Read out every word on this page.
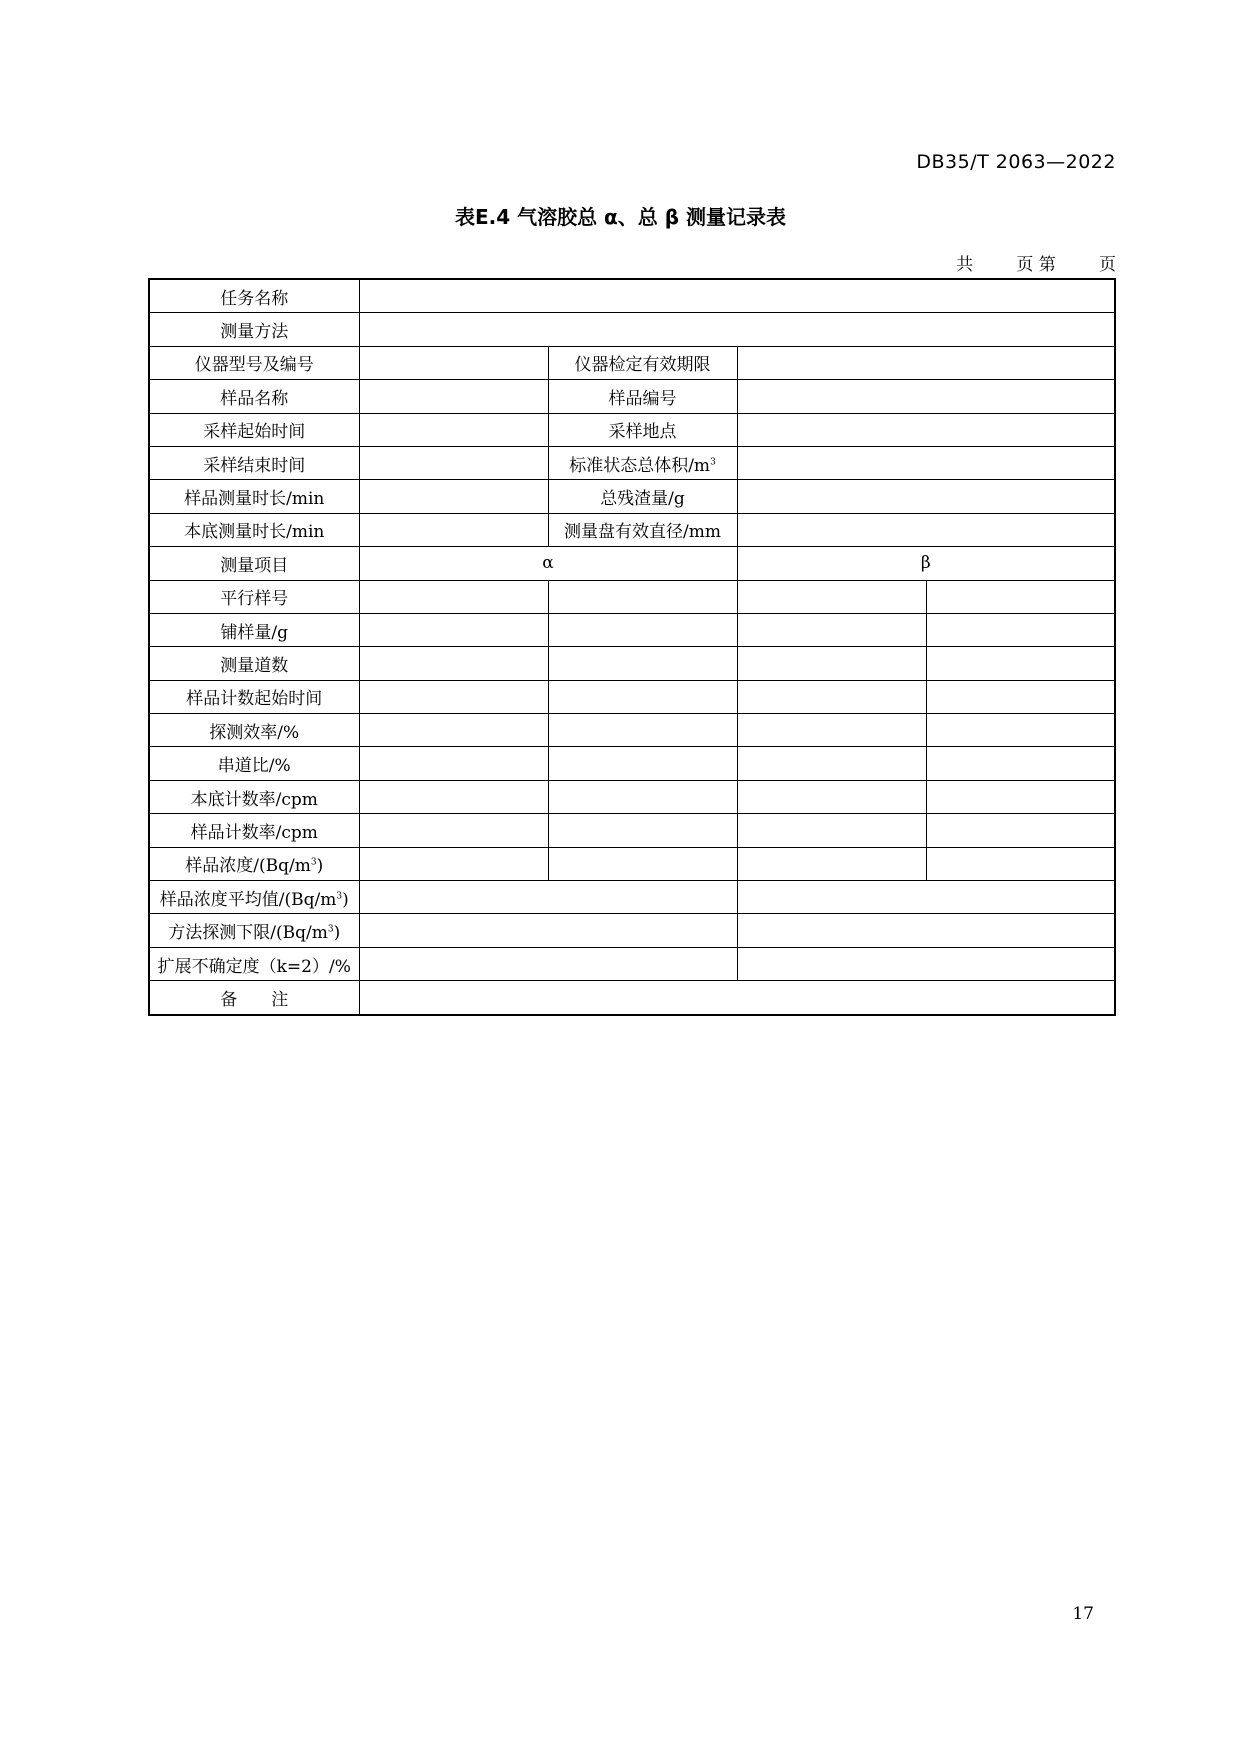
DB35/T 2063—2022
表E.4 气溶胶总 α、总 β 测量记录表
共	页 第	页
任务名称				
测量方法				
仪器型号及编号		仪器检定有效期限		
样品名称		样品编号		
采样起始时间		采样地点		
采样结束时间		标准状态总体积$/m^3$	
样品测量时长/min		总残渣量/g		
本底测量时长/min		测量盘有效直径/mm		
测量项目	α		β	
平行样号				
铺样量/g				
测量道数				
样品计数起始时间				
探测效率/%				
串道比/%				
本底计数率/cpm				
样品计数率/cpm				
样品浓度$/(Bq/m^3)$				
样品浓度平均值$/(Bq/m^3)$				
方法探测下限$/(Bq/m^3)$				
扩展不确定度（k=2）/%				
备　　注				
17
